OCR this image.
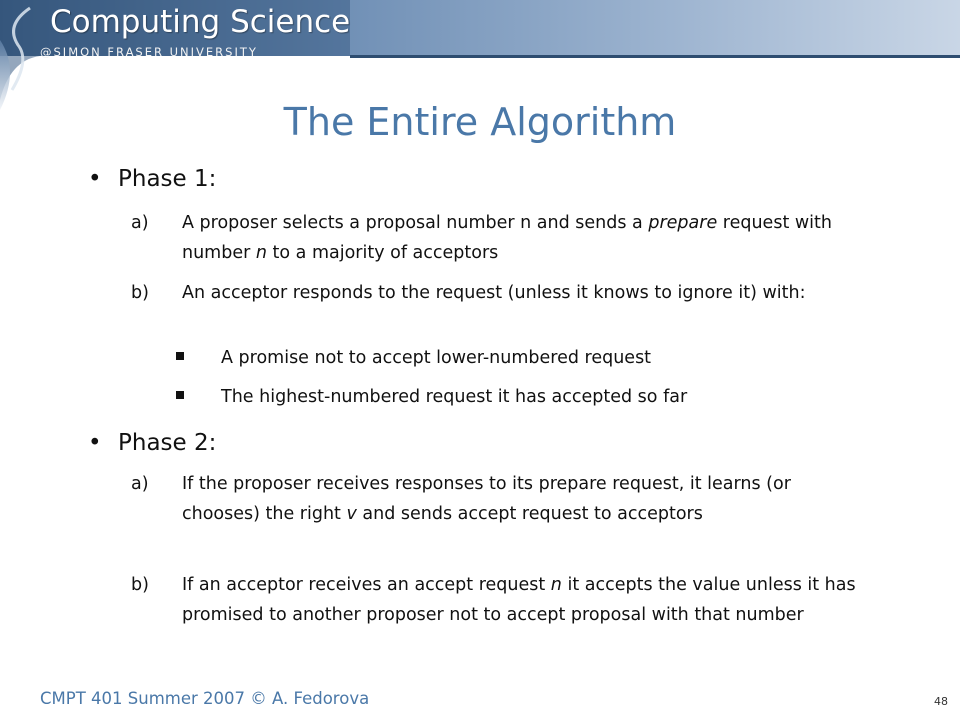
Computing Science
@SIMON FRASER UNIVERSITY
The Entire Algorithm
• Phase 1:
a)	A proposer selects a proposal number n and sends a prepare request with number n to a majority of acceptors
b)	An acceptor responds to the request (unless it knows to ignore it) with:
A promise not to accept lower-numbered request
The highest-numbered request it has accepted so far
• Phase 2:
a)	If the proposer receives responses to its prepare request, it learns (or chooses) the right v and sends accept request to acceptors
b)	If an acceptor receives an accept request n it accepts the value unless it has promised to another proposer not to accept proposal with that number
CMPT 401 Summer 2007 © A. Fedorova	48
